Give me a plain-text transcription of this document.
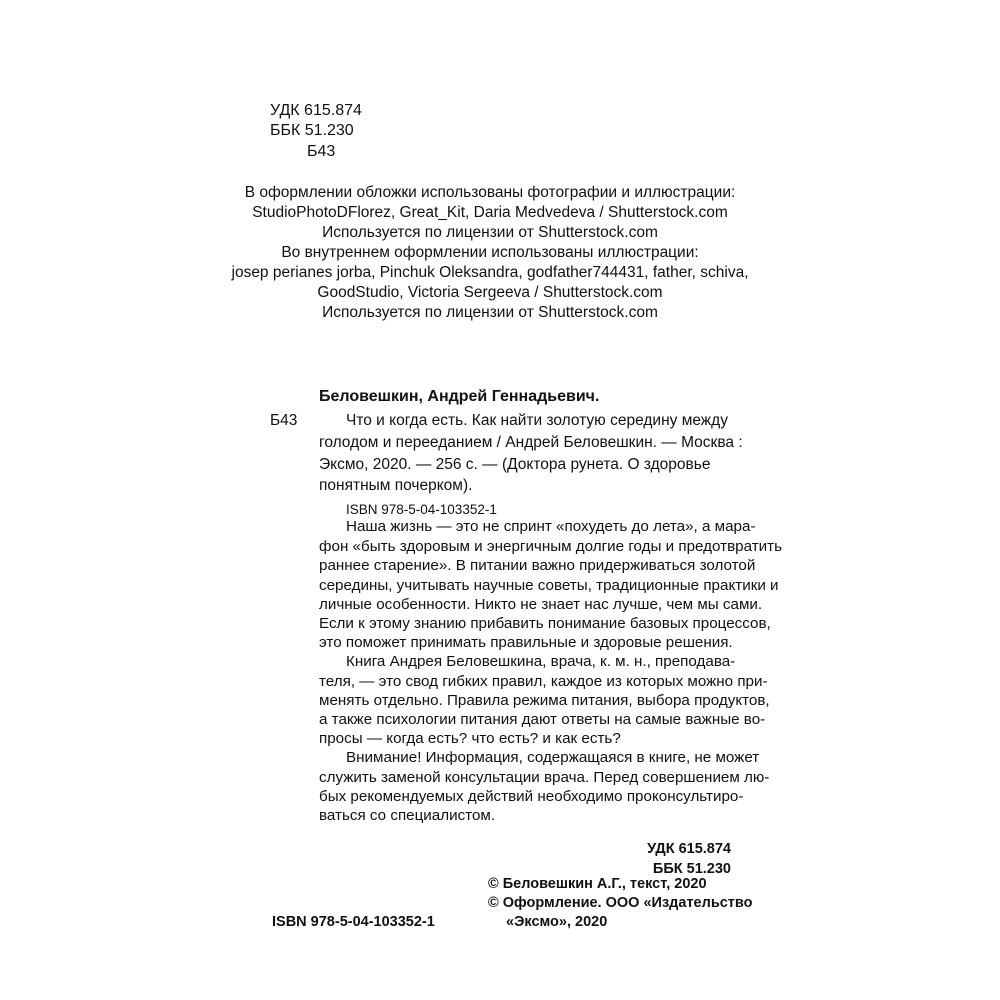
УДК 615.874
ББК 51.230
Б43
В оформлении обложки использованы фотографии и иллюстрации:
StudioPhotoDFlorez, Great_Kit, Daria Medvedeva / Shutterstock.com
Используется по лицензии от Shutterstock.com
Во внутреннем оформлении использованы иллюстрации:
josep perianes jorba, Pinchuk Oleksandra, godfather744431, father, schiva,
GoodStudio, Victoria Sergeeva / Shutterstock.com
Используется по лицензии от Shutterstock.com
Беловешкин, Андрей Геннадьевич.
Б43	Что и когда есть. Как найти золотую середину между
голодом и перееданием / Андрей Беловешкин. — Москва :
Эксмо, 2020. — 256 с. — (Доктора рунета. О здоровье
понятным почерком).
ISBN 978-5-04-103352-1
Наша жизнь — это не спринт «похудеть до лета», а мара-
фон «быть здоровым и энергичным долгие годы и предотвратить
раннее старение». В питании важно придерживаться золотой
середины, учитывать научные советы, традиционные практики и
личные особенности. Никто не знает нас лучше, чем мы сами.
Если к этому знанию прибавить понимание базовых процессов,
это поможет принимать правильные и здоровые решения.
Книга Андрея Беловешкина, врача, к. м. н., преподава-
теля, — это свод гибких правил, каждое из которых можно при-
менять отдельно. Правила режима питания, выбора продуктов,
а также психологии питания дают ответы на самые важные во-
просы — когда есть? что есть? и как есть?
Внимание! Информация, содержащаяся в книге, не может
служить заменой консультации врача. Перед совершением лю-
бых рекомендуемых действий необходимо проконсультиро-
ваться со специалистом.
УДК 615.874
ББК 51.230
ISBN 978-5-04-103352-1
© Беловешкин А.Г., текст, 2020
© Оформление. ООО «Издательство
«Эксмо», 2020
